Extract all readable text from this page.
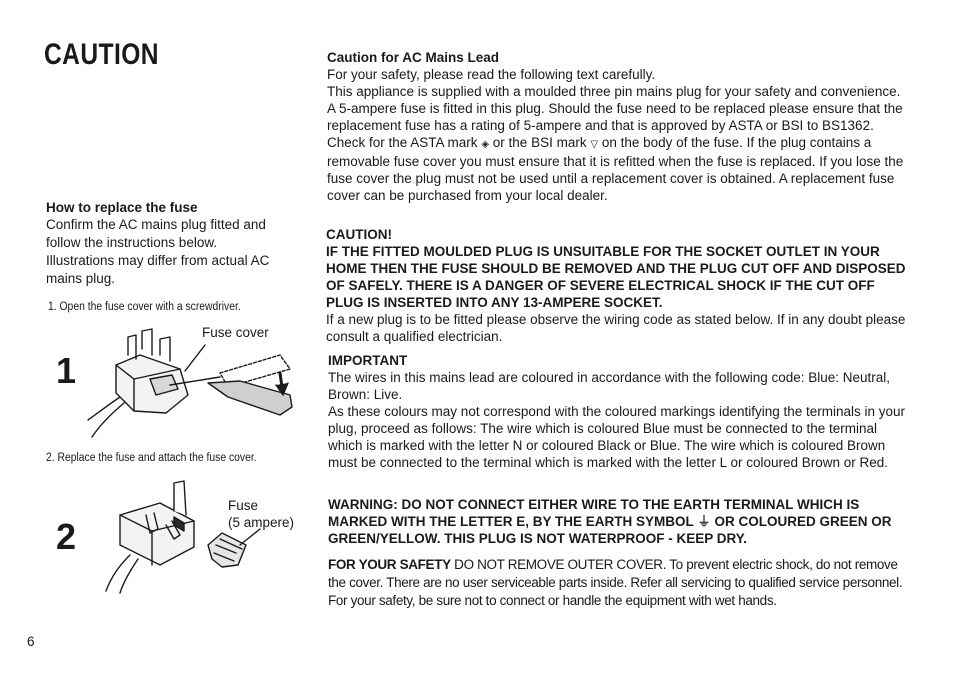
CAUTION

How to replace the fuse

Confirm the AC mains plug fitted and follow the instructions below. Illustrations may differ from actual AC mains plug.

1. Open the fuse cover with a screwdriver.

1

Fuse cover

2. Replace the fuse and attach the fuse cover.

2

Fuse
(5 ampere)

6

Caution for AC Mains Lead

For your safety, please read the following text carefully.

This appliance is supplied with a moulded three pin mains plug for your safety and convenience.

A 5-ampere fuse is fitted in this plug. Should the fuse need to be replaced please ensure that the replacement fuse has a rating of 5-ampere and that is approved by ASTA or BSI to BS1362. Check for the ASTA mark ◈ or the BSI mark ▽ on the body of the fuse. If the plug contains a removable fuse cover you must ensure that it is refitted when the fuse is replaced. If you lose the fuse cover the plug must not be used until a replacement cover is obtained. A replacement fuse cover can be purchased from your local dealer.

CAUTION!

IF THE FITTED MOULDED PLUG IS UNSUITABLE FOR THE SOCKET OUTLET IN YOUR HOME THEN THE FUSE SHOULD BE REMOVED AND THE PLUG CUT OFF AND DISPOSED OF SAFELY. THERE IS A DANGER OF SEVERE ELECTRICAL SHOCK IF THE CUT OFF PLUG IS INSERTED INTO ANY 13-AMPERE SOCKET.

If a new plug is to be fitted please observe the wiring code as stated below. If in any doubt please consult a qualified electrician.

IMPORTANT

The wires in this mains lead are coloured in accordance with the following code: Blue: Neutral, Brown: Live.

As these colours may not correspond with the coloured markings identifying the terminals in your plug, proceed as follows: The wire which is coloured Blue must be connected to the terminal which is marked with the letter N or coloured Black or Blue. The wire which is coloured Brown must be connected to the terminal which is marked with the letter L or coloured Brown or Red.

WARNING: DO NOT CONNECT EITHER WIRE TO THE EARTH TERMINAL WHICH IS MARKED WITH THE LETTER E, BY THE EARTH SYMBOL ⏚ OR COLOURED GREEN OR GREEN/YELLOW. THIS PLUG IS NOT WATERPROOF - KEEP DRY.

FOR YOUR SAFETY DO NOT REMOVE OUTER COVER. To prevent electric shock, do not remove the cover. There are no user serviceable parts inside. Refer all servicing to qualified service personnel. For your safety, be sure not to connect or handle the equipment with wet hands.
